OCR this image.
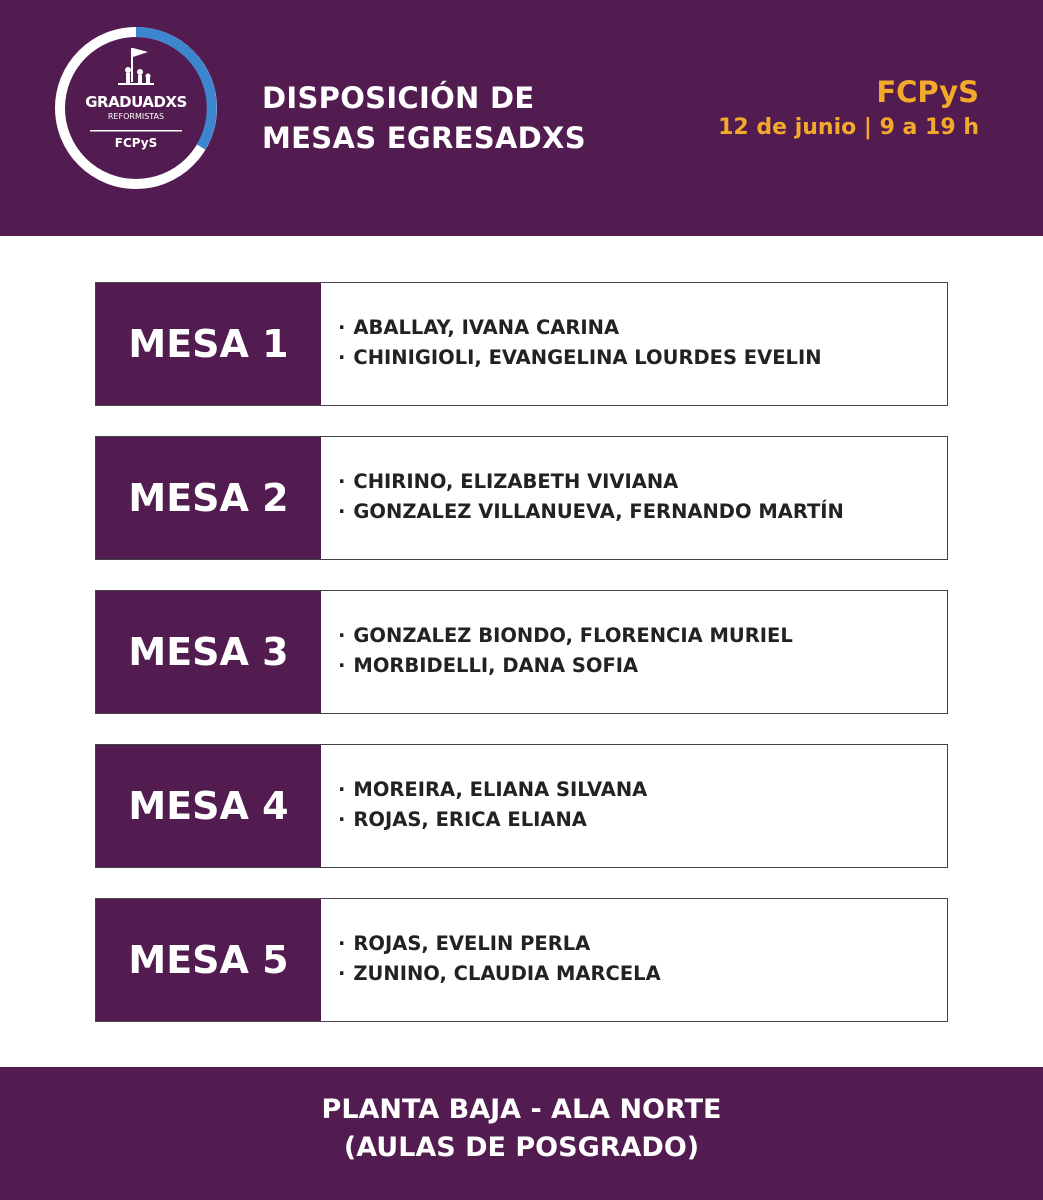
GRADUADXS
REFORMISTAS
FCPyS
DISPOSICIÓN DE
MESAS EGRESADXS
FCPyS
12 de junio | 9 a 19 h
MESA 1	· ABALLAY, IVANA CARINA
· CHINIGIOLI, EVANGELINA LOURDES EVELIN
MESA 2	· CHIRINO, ELIZABETH VIVIANA
· GONZALEZ VILLANUEVA, FERNANDO MARTÍN
MESA 3	· GONZALEZ BIONDO, FLORENCIA MURIEL
· MORBIDELLI, DANA SOFIA
MESA 4	· MOREIRA, ELIANA SILVANA
· ROJAS, ERICA ELIANA
MESA 5	· ROJAS, EVELIN PERLA
· ZUNINO, CLAUDIA MARCELA
PLANTA BAJA - ALA NORTE
(AULAS DE POSGRADO)
